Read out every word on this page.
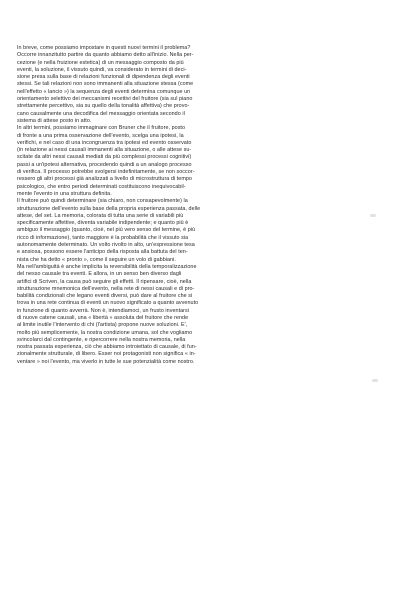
In breve, come possiamo impostare in questi nuovi termini il problema?
Occorre innanzitutto partire da quanto abbiamo detto all'inizio. Nella per-
cezione (e nella fruizione estetica) di un messaggio composto da più
eventi, la soluzione, il vissuto quindi, va considerato in termini di deci-
sione presa sulla base di relazioni funzionali di dipendenza degli eventi
stessi. Se tali relazioni non sono immanenti alla situazione stessa (come
nell'effetto « lancio ») la sequenza degli eventi determina comunque un
orientamento selettivo dei meccanismi recettivi del fruitore (sia sul piano
strettamente percettivo, sia su quello della tonalità affettiva) che provo-
cano causalmente una decodifica del messaggio orientata secondo il
sistema di attese posto in atto.

In altri termini, possiamo immaginare con Bruner che il fruitore, posto
di fronte a una prima osservazione dell'evento, scelga una ipotesi, la
verifichi, e nel caso di una incongruenza tra ipotesi ed evento osservato
(in relazione ai nessi causali immanenti alla situazione, o alle attese su-
scitate da altri nessi causali mediati da più complessi processi cognitivi)
passi a un'ipotesi alternativa, procedendo quindi a un analogo processo
di verifica. Il processo potrebbe svolgersi indefinitamente, se non soccor-
ressero gli altri processi già analizzati a livello di microstruttura di tempo
psicologico, che entro periodi determinati costituiscono inequivocabil-
mente l'evento in una struttura definita.

Il fruitore può quindi determinare (sia chiaro, non consapevolmente) la
strutturazione dell'evento sulla base della propria esperienza passata, delle
attese, del set. La memoria, colorata di tutta una serie di variabili più
specificamente affettive, diventa variabile indipendente; e quanto più è
ambiguo il messaggio (quanto, cioè, nel più vero senso del termine, è più
ricco di informazione), tanto maggiore è la probabilità che il vissuto sia
autonomamente determinato. Un volto rivolto in alto, un'espressione tesa
e ansiosa, possono essere l'anticipo della risposta alla battuta del ten-
nista che ha detto « pronto », come il seguire un volo di gabbiani.

Ma nell'ambiguità è anche implicita la reversibilità della temporalizzazione
del nesso causale tra eventi. E allora, in un senso ben diverso dagli
artifici di Scriven, la causa può seguire gli effetti. Il ripensare, cioè, nella
strutturazione mnemonica dell'evento, nella rete di nessi causali e di pro-
babilità condizionali che legano eventi diversi, può dare al fruitore che si
trova in una rete continua di eventi un nuovo significato a quanto avvenuto
in funzione di quanto avverrà. Non è, intendiamoci, un frusto inventarsi
di nuove catene causali, una « libertà » assoluta del fruitore che rende
al limite inutile l'intervento di chi (l'artista) propone nuove soluzioni. E',
molto più semplicemente, la nostra condizione umana, sol che vogliamo
svincolarci dal contingente, e ripercorrere nella nostra memoria, nella
nostra passata esperienza, ciò che abbiamo introiettato di causale, di fun-
zionalmente strutturale, di libero. Esser noi protagonisti non significa « in-
ventare » noi l'evento, ma viverlo in tutte le sue potenzialità come nostro.
